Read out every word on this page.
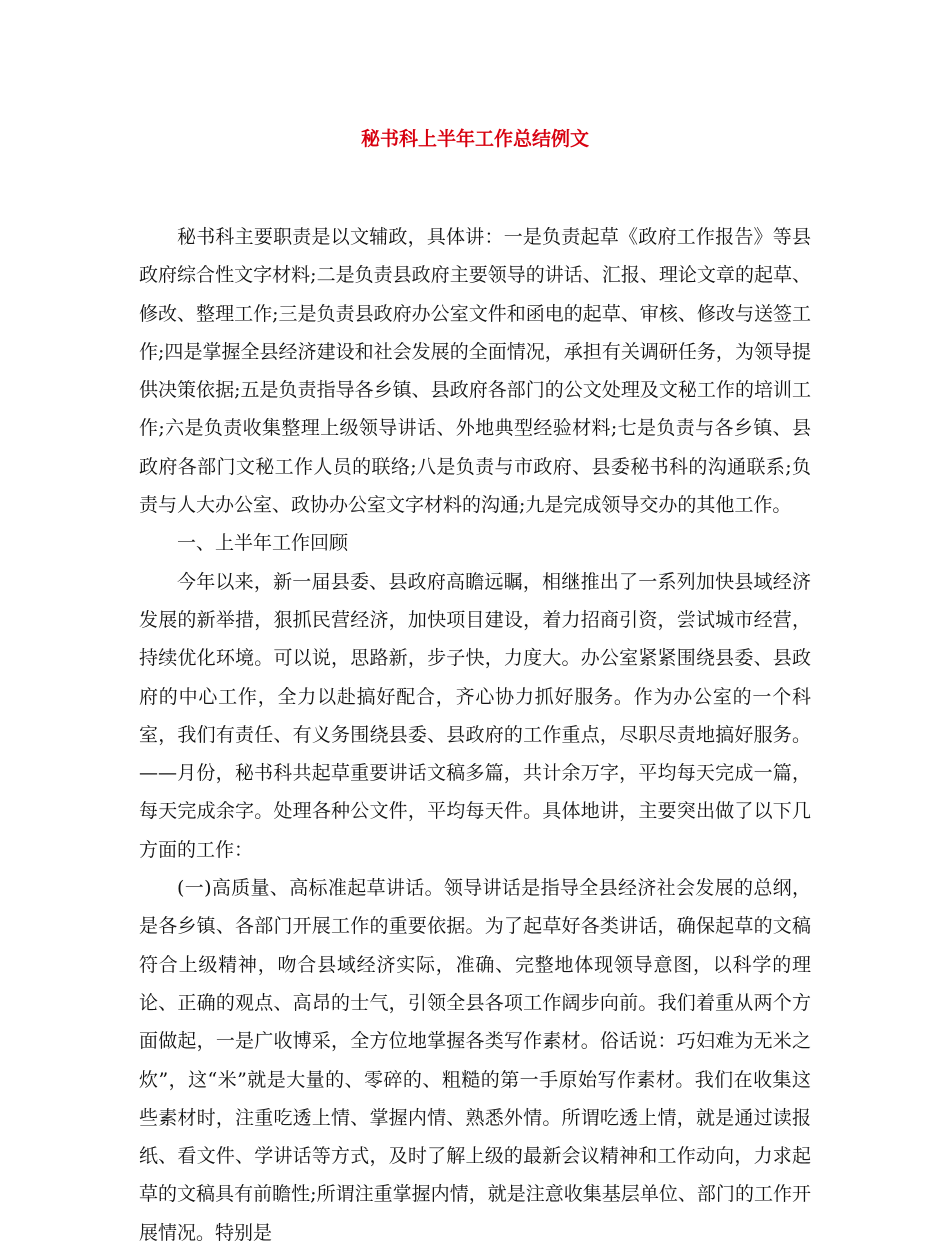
秘书科上半年工作总结例文

秘书科主要职责是以文辅政，具体讲：一是负责起草《政府工作报告》等县政府综合性文字材料;二是负责县政府主要领导的讲话、汇报、理论文章的起草、修改、整理工作;三是负责县政府办公室文件和函电的起草、审核、修改与送签工作;四是掌握全县经济建设和社会发展的全面情况，承担有关调研任务，为领导提供决策依据;五是负责指导各乡镇、县政府各部门的公文处理及文秘工作的培训工作;六是负责收集整理上级领导讲话、外地典型经验材料;七是负责与各乡镇、县政府各部门文秘工作人员的联络;八是负责与市政府、县委秘书科的沟通联系;负责与人大办公室、政协办公室文字材料的沟通;九是完成领导交办的其他工作。

一、上半年工作回顾

今年以来，新一届县委、县政府高瞻远瞩，相继推出了一系列加快县域经济发展的新举措，狠抓民营经济，加快项目建设，着力招商引资，尝试城市经营，持续优化环境。可以说，思路新，步子快，力度大。办公室紧紧围绕县委、县政府的中心工作，全力以赴搞好配合，齐心协力抓好服务。作为办公室的一个科室，我们有责任、有义务围绕县委、县政府的工作重点，尽职尽责地搞好服务。——月份，秘书科共起草重要讲话文稿多篇，共计余万字，平均每天完成一篇，每天完成余字。处理各种公文件，平均每天件。具体地讲，主要突出做了以下几方面的工作：

(一)高质量、高标准起草讲话。领导讲话是指导全县经济社会发展的总纲，是各乡镇、各部门开展工作的重要依据。为了起草好各类讲话，确保起草的文稿符合上级精神，吻合县域经济实际，准确、完整地体现领导意图，以科学的理论、正确的观点、高昂的士气，引领全县各项工作阔步向前。我们着重从两个方面做起，一是广收博采，全方位地掌握各类写作素材。俗话说：巧妇难为无米之炊”，这“米”就是大量的、零碎的、粗糙的第一手原始写作素材。我们在收集这些素材时，注重吃透上情、掌握内情、熟悉外情。所谓吃透上情，就是通过读报纸、看文件、学讲话等方式，及时了解上级的最新会议精神和工作动向，力求起草的文稿具有前瞻性;所谓注重掌握内情，就是注意收集基层单位、部门的工作开展情况。特别是
